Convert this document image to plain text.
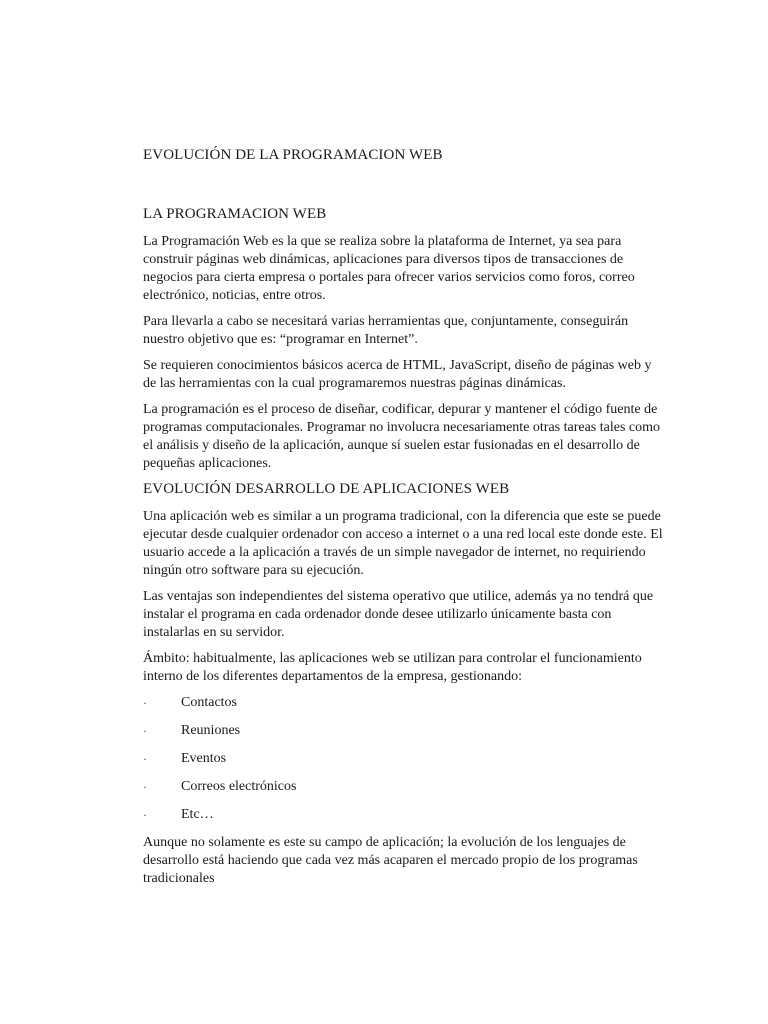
EVOLUCIÓN DE LA PROGRAMACION WEB
LA PROGRAMACION WEB

La Programación Web es la que se realiza sobre la plataforma de Internet, ya sea para construir páginas web dinámicas, aplicaciones para diversos tipos de transacciones de negocios para cierta empresa o portales para ofrecer varios servicios como foros, correo electrónico, noticias, entre otros.

Para llevarla a cabo se necesitará varias herramientas que, conjuntamente, conseguirán nuestro objetivo que es: “programar en Internet”.

Se requieren conocimientos básicos acerca de HTML, JavaScript, diseño de páginas web y de las herramientas con la cual programaremos nuestras páginas dinámicas.

La programación es el proceso de diseñar, codificar, depurar y mantener el código fuente de programas computacionales. Programar no involucra necesariamente otras tareas tales como el análisis y diseño de la aplicación, aunque sí suelen estar fusionadas en el desarrollo de pequeñas aplicaciones.

EVOLUCIÓN DESARROLLO DE APLICACIONES WEB

Una aplicación web es similar a un programa tradicional, con la diferencia que este se puede ejecutar desde cualquier ordenador con acceso a internet o a una red local este donde este. El usuario accede a la aplicación a través de un simple navegador de internet, no requiriendo ningún otro software para su ejecución.

Las ventajas son independientes del sistema operativo que utilice, además ya no tendrá que instalar el programa en cada ordenador donde desee utilizarlo únicamente basta con instalarlas en su servidor.

Ámbito: habitualmente, las aplicaciones web se utilizan para controlar el funcionamiento interno de los diferentes departamentos de la empresa, gestionando:

·	Contactos
·	Reuniones
·	Eventos
·	Correos electrónicos
·	Etc…

Aunque no solamente es este su campo de aplicación; la evolución de los lenguajes de desarrollo está haciendo que cada vez más acaparen el mercado propio de los programas tradicionales
